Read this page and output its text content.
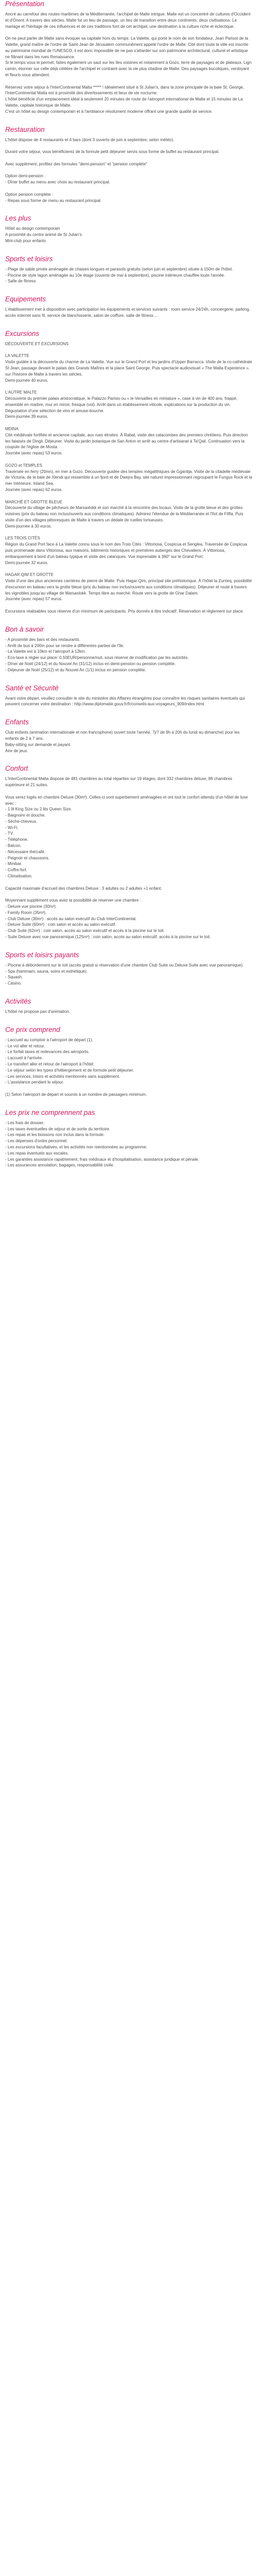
Présentation
Ancré au carrefour des routes maritimes de la Méditerranée, l'archipel de Malte intrigue. Malte est un concentré de cultures d'Occident et d'Orient. A travers des siècles, Malte fut un lieu de passage, un lieu de transition entre deux continents, deux civilisations. Le mariage et l'héritage de ces influences et de ces traditions font de cet archipel, une destination à la culture riche et éclectique.
On ne peut parler de Malte sans évoquer sa capitale hors du temps: La Valette, qui porte le nom de son fondateur, Jean Parisot de la Valette, grand maître de l'ordre de Saint-Jean de Jérusalem communément appelé l'ordre de Malte. Cité dont toute la ville est inscrite au patrimoine mondial de l'UNESCO, il est donc impossible de ne pas s'attarder sur son patrimoine architectural, culturel et artistique ne flânant dans les rues Renaissance.
Si le temps vous le permet, faites également un saut sur les îles voisines et notamment à Gozo, terre de paysages et de plateaux. Lign camin, étonner sur celle déjà célèbre de l'archipel et contrairé avec la vie plus citadine de Malte. Des paysages bucoliques, verdoyant et fleuris vous attendent.
Réservez votre séjour à l'InterContinental Malta ***** ! Idéalement situé à St Julian's, dans la zone principale de la baie St. George, l'InterContinental Malta est à proximité des divertissements et lieux de vie nocturne.
L'hôtel bénéficie d'un emplacement idéal à seulement 20 minutes de route de l'aéroport international de Malte et 15 minutes de La Valette, capitale historique de Malte.
C'est un hôtel au design contemporain et à l'ambiance résolument moderne offrant une grande qualité de service.
Restauration
L'hôtel dispose de 4 restaurants et 4 bars (dont 3 ouverts de juin à septembre, selon météo).
Durant votre séjour, vous bénéficierez de la formule petit déjeuner servis sous forme de buffet au restaurant principal.
Avec supplément, profitez des formules "demi-pension" et "pension complète"
Option demi-pension :
- Dîner buffet au menu avec choix au restaurant principal.
Option pension complète :
- Repas sous forme de menu au restaurant principal.
Les plus
Hôtel au design contemporain
A proximité du centre animé de St Julian's
Mini-club pour enfants
Sports et loisirs
- Plage de sable privée aménagée de chaises longues et parasols gratuits (selon juin et septembre) située à 150m de l'hôtel.
- Piscine de style lagon aménagée au 10e étage (ouverte de mai à septembre), piscine intérieure chauffée toute l'année.
- Salle de fitness.
Equipements
L'établissement met à disposition avec participation les équipements et services suivants : room service 24/24h, conciergerie, parking, accès internet sans fil, service de blanchisserie, salon de coiffure, salle de fitness ...
Excursions
DÉCOUVERTE ET EXCURSIONS
LA VALETTE
Visite guidée à la découverte du charme de La Valette. Vue sur le Grand Port et les jardins d'Upper Barracca. Visite de la co-cathédrale St Jean, passage devant le palais des Grands Maîtres et la place Saint George. Puis spectacle audiovisuel « The Malta Experience », sur l'histoire de Malte à travers les siècles.
Demi-journée 40 euros.
L'AUTRE MALTE
Découverte du premier palais aristocratique, le Palazzo Parisio ou « le Versailles en miniature », case à vin de 400 ans, frappé, ensemble en marbre, mur en miroir, fresque (vol). Arrêt dans un établissement viticole, explications sur la production du vin. Dégustation d'une sélection de vins et amuse-bouche.
Demi-journée 39 euros.
MDINA
Cité médiévale fortifiée et ancienne capitale, aux rues étroites. À Rabat, visite des catacombes des premiers chrétiens. Puis direction les falaises de Dingli. Déjeuner. Visite du jardin botanique de San Anton et arrêt au centre d'artisanat à Ta'Qali. Continuation vers la coupole de l'église de Mosta.
Journée (avec repas) 53 euros.
GOZO et TEMPLES
Traversée en ferry (20mn), en mer à Gozo. Découverte guidée des temples mégalithiques de Ggantija. Visite de la citadelle médiévale de Victoria, de la baie de Xlendi qui ressemble à un fjord et de Dwejra Bay, site naturel impressionnant regroupant le Fungus Rock et la mer Intérieure. Inland Sea.
Journée (avec repas) 62 euros.
MARCHÉ ET GROTTE BLEUE
Découverte du village de pêcheurs de Marsaxlokk et son marché à la rencontre des locaux. Visite de la grotte bleue et des grottes voisines (prix du bateau non inclus/ouverts aux conditions climatiques). Admirez l'étendue de la Méditerranée et l'îlot de Filfla. Puis visite d'un des villages pittoresques de Malte à travers un dédale de ruelles tortueuses.
Demi-journée à 30 euros.
LES TROIS CITÉS
Région du Grand Port face à La Valette connu sous le nom des Trois Cités : Vittoriosa, Cospicua et Senglea. Traversée de Cospicua puis promenade dans Vittoriosa, aux maisons, bâtiments historiques et premières auberges des Chevaliers. À Vittoriosa, embarquement à bord d'un bateau typique et visite des calanques. Vue imprenable à 360° sur le Grand Port.
Demi-journée 32 euros.
HAGAR QIM ET GROTTE
Visite d'une des plus anciennes carrières de pierre de Malte. Puis Hagar Qim, principal site préhistorique. À l'hôtel la Zurrieq, possibilité d'excursion en bateau vers la grotte bleue (prix du bateau non inclus/ouverts aux conditions climatiques). Déjeuner et route à travers les vignobles jusqu'au village de Marsaxlokk. Temps libre au marché. Route vers la grotte de Ghar Dalam.
Journée (avec repas) 57 euros.
Excursions réalisables sous réserve d'un minimum de participants. Prix donnés à titre indicatif. Réservation et règlement sur place.
Bon à savoir
- A proximité des bars et des restaurants.
- Arrêt de bus à 200m pour se rendre à différentes parties de l'île.
- La Valette est à 10km et l'aéroport à 12km.
- Eco-taxe à régler sur place: 0,50EUR/personne/nuit, sous réserve de modification par les autorités.
- Dîner de Noël (24/12) et du Nouvel An (31/12) inclus en demi-pension ou pension complète.
- Déjeuner de Noël (25/12) et du Nouvel An (1/1) inclus en pension complète.
Santé et Sécurité
Avant votre départ, veuillez consulter le site du ministère des Affaires étrangères pour connaître les risques sanitaires éventuels qui peuvent concerner votre destination : http://www.diplomatie.gouv.fr/fr/conseils-aux-voyageurs_909/index.html
Enfants
Club enfants (animation internationale et non francophone) ouvert toute l'année, 7j/7 de 9h à 20h du lundi au dimanche) pour les enfants de 2 à 7 ans.
Baby-sitting sur demande et payant.
Aire de jeux.
Confort
L'InterContinental Malta dispose de 481 chambres au total réparties sur 19 étages, dont 332 chambres deluxe, 86 chambres supérieure et 21 suites.
Vous serez logés en chambre Deluxe (30m²). Celles-ci sont superbement aménagées et ont tout le confort attendu d'un hôtel de luxe avec :
- 1 lit King Size ou 2 lits Queen Size.
- Baignoire et douche.
- Sèche-cheveux.
- Wi-Fi.
- TV.
- Téléphone.
- Balcon.
- Nécessaire thé/café.
- Peignoir et chaussons.
- Minibar.
- Coffre-fort.
- Climatisation.
Capacité maximale d'accueil des chambres Deluxe : 3 adultes ou 2 adultes +1 enfant.
Moyennant supplément vous avez la possibilité de réserver une chambre :
- Deluxe vue piscine (30m²).
- Family Room (35m²).
- Club Deluxe (30m²) : accès au salon exécutif du Club InterContinental.
- Deluxe Suite (60m²) : coin salon et accès au salon exécutif.
- Club Suite (62m²) : coin salon, accès au salon exécutif et accès à la piscine sur le toit.
- Suite Deluxe avec vue panoramique (125m²) : coin salon, accès au salon exécutif, accès à la piscine sur le toit.
Sports et loisirs payants
- Piscine à débordement sur le toit (accès gratuit si réservation d'une chambre Club Suite ou Deluxe Suite avec vue panoramique).
- Spa (hammam, sauna, soins et esthétique).
- Squash.
- Casino.
Activités
L'hôtel ne propose pas d'animation.
Ce prix comprend
- Laccueil au comptoir à l'aéroport de départ (1).
- Le vol aller et retour.
- Le forfait taxes et redevances des aéroports.
- Laccueil à l'arrivée.
- Le transfert aller et retour de l'aéroport à l'hôtel.
- Le séjour selon les types d'hébergement et de formule petit déjeuner.
- Les services, loisirs et activités mentionnés sans supplément.
- L'assistance pendant le séjour.
(1) Selon l'aéroport de départ et soumis à un nombre de passagers minimum.
Les prix ne comprennent pas
- Les frais de dossier.
- Les taxes éventuelles de séjour et de sortie du territoire.
- Les repas et les boissons non inclus dans la formule.
- Les dépenses d'ordre personnel.
- Les excursions facultatives, et les activités non mentionnées au programme.
- Les repas éventuels aux escales.
- Les garanties assistance rapatriement, frais médicaux et d'hospitalisation, assistance juridique et pénale.
- Les assurances annulation, bagages, responsabilité civile.
